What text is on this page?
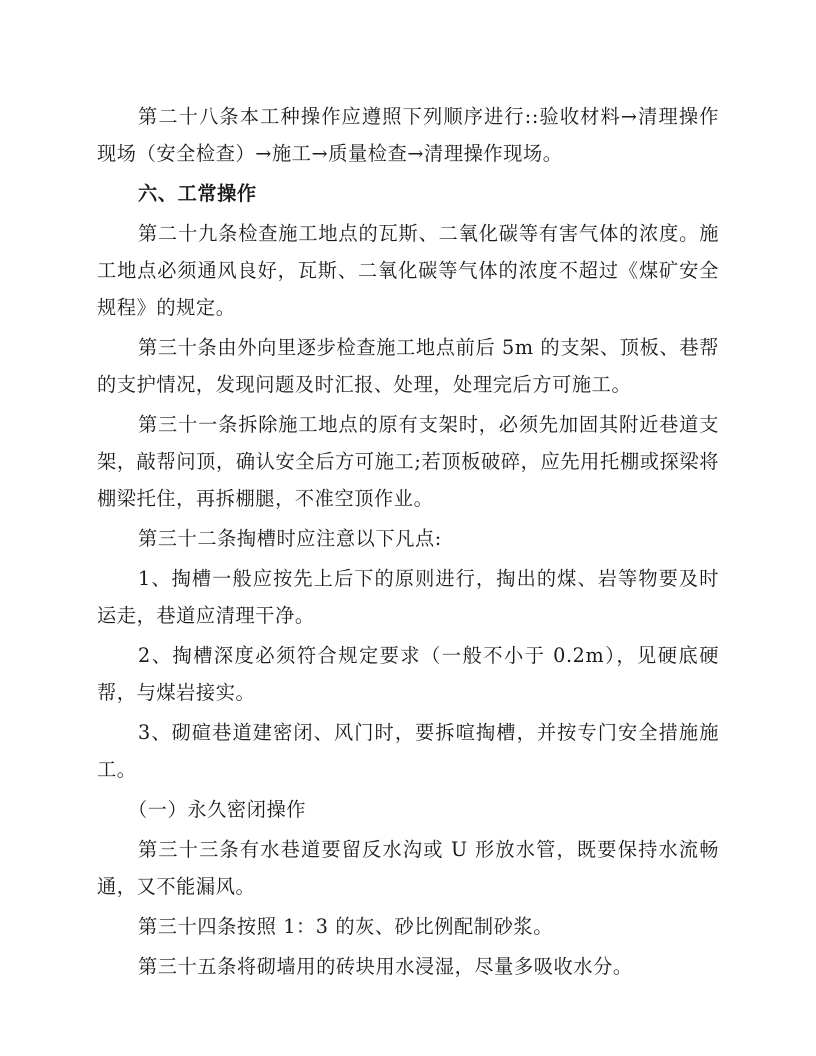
第二十八条本工种操作应遵照下列顺序进行::验收材料→清理操作现场（安全检查）→施工→质量检查→清理操作现场。

六、工常操作

第二十九条检查施工地点的瓦斯、二氧化碳等有害气体的浓度。施工地点必须通风良好，瓦斯、二氧化碳等气体的浓度不超过《煤矿安全规程》的规定。

第三十条由外向里逐步检查施工地点前后 5m 的支架、顶板、巷帮的支护情况，发现问题及时汇报、处理，处理完后方可施工。

第三十一条拆除施工地点的原有支架时，必须先加固其附近巷道支架，敲帮问顶，确认安全后方可施工;若顶板破碎，应先用托棚或探梁将棚梁托住，再拆棚腿，不准空顶作业。

第三十二条掏槽时应注意以下凡点:

1、掏槽一般应按先上后下的原则进行，掏出的煤、岩等物要及时运走，巷道应清理干净。

2、掏槽深度必须符合规定要求（一般不小于 0.2m），见硬底硬帮，与煤岩接实。

3、砌碹巷道建密闭、风门时，要拆喧掏槽，并按专门安全措施施工。

（一）永久密闭操作

第三十三条有水巷道要留反水沟或 U 形放水管，既要保持水流畅通，又不能漏风。

第三十四条按照 1：3 的灰、砂比例配制砂浆。

第三十五条将砌墙用的砖块用水浸湿，尽量多吸收水分。
